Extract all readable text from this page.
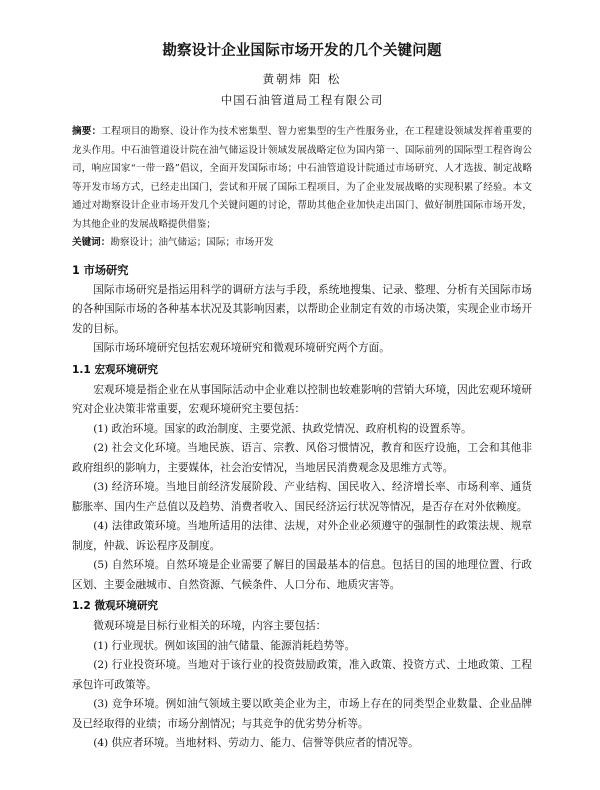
勘察设计企业国际市场开发的几个关键问题
黄朝炜 阳 松
中国石油管道局工程有限公司
摘要：工程项目的勘察、设计作为技术密集型、智力密集型的生产性服务业，在工程建设领域发挥着重要的龙头作用。中石油管道设计院在油气储运设计领域发展战略定位为国内第一、国际前列的国际型工程咨询公司，响应国家“一带一路”倡议，全面开发国际市场；中石油管道设计院通过市场研究、人才选拔、制定战略等开发市场方式，已经走出国门，尝试和开展了国际工程项目，为了企业发展战略的实现积累了经验。本文通过对勘察设计企业市场开发几个关键问题的讨论，帮助其他企业加快走出国门、做好制胜国际市场开发，为其他企业的发展战略提供借鉴；
关键词：勘察设计；油气储运；国际；市场开发
1 市场研究

国际市场研究是指运用科学的调研方法与手段，系统地搜集、记录、整理、分析有关国际市场的各种国际市场的各种基本状况及其影响因素，以帮助企业制定有效的市场决策，实现企业市场开发的目标。

国际市场环境研究包括宏观环境研究和微观环境研究两个方面。

1.1 宏观环境研究

宏观环境是指企业在从事国际活动中企业难以控制也较难影响的营销大环境，因此宏观环境研究对企业决策非常重要，宏观环境研究主要包括：

(1) 政治环境。国家的政治制度、主要党派、执政党情况、政府机构的设置系等。

(2) 社会文化环境。当地民族、语言、宗教、风俗习惯情况，教育和医疗设施，工会和其他非政府组织的影响力，主要媒体，社会治安情况，当地居民消费观念及思维方式等。

(3) 经济环境。当地目前经济发展阶段、产业结构、国民收入、经济增长率、市场利率、通货膨胀率、国内生产总值以及趋势、消费者收入、国民经济运行状况等情况，是否存在对外依赖度。

(4) 法律政策环境。当地所适用的法律、法规，对外企业必须遵守的强制性的政策法规、规章制度，仲裁、诉讼程序及制度。

(5) 自然环境。自然环境是企业需要了解目的国最基本的信息。包括目的国的地理位置、行政区划、主要金融城市、自然资源、气候条件、人口分布、地质灾害等。

1.2 微观环境研究

微观环境是目标行业相关的环境，内容主要包括：

(1) 行业现状。例如该国的油气储量、能源消耗趋势等。

(2) 行业投资环境。当地对于该行业的投资鼓励政策，准入政策、投资方式、土地政策、工程承包许可政策等。

(3) 竞争环境。例如油气领域主要以欧美企业为主，市场上存在的同类型企业数量、企业品牌及已经取得的业绩；市场分割情况；与其竞争的优劣势分析等。

(4) 供应者环境。当地材料、劳动力、能力、信誉等供应者的情况等。
